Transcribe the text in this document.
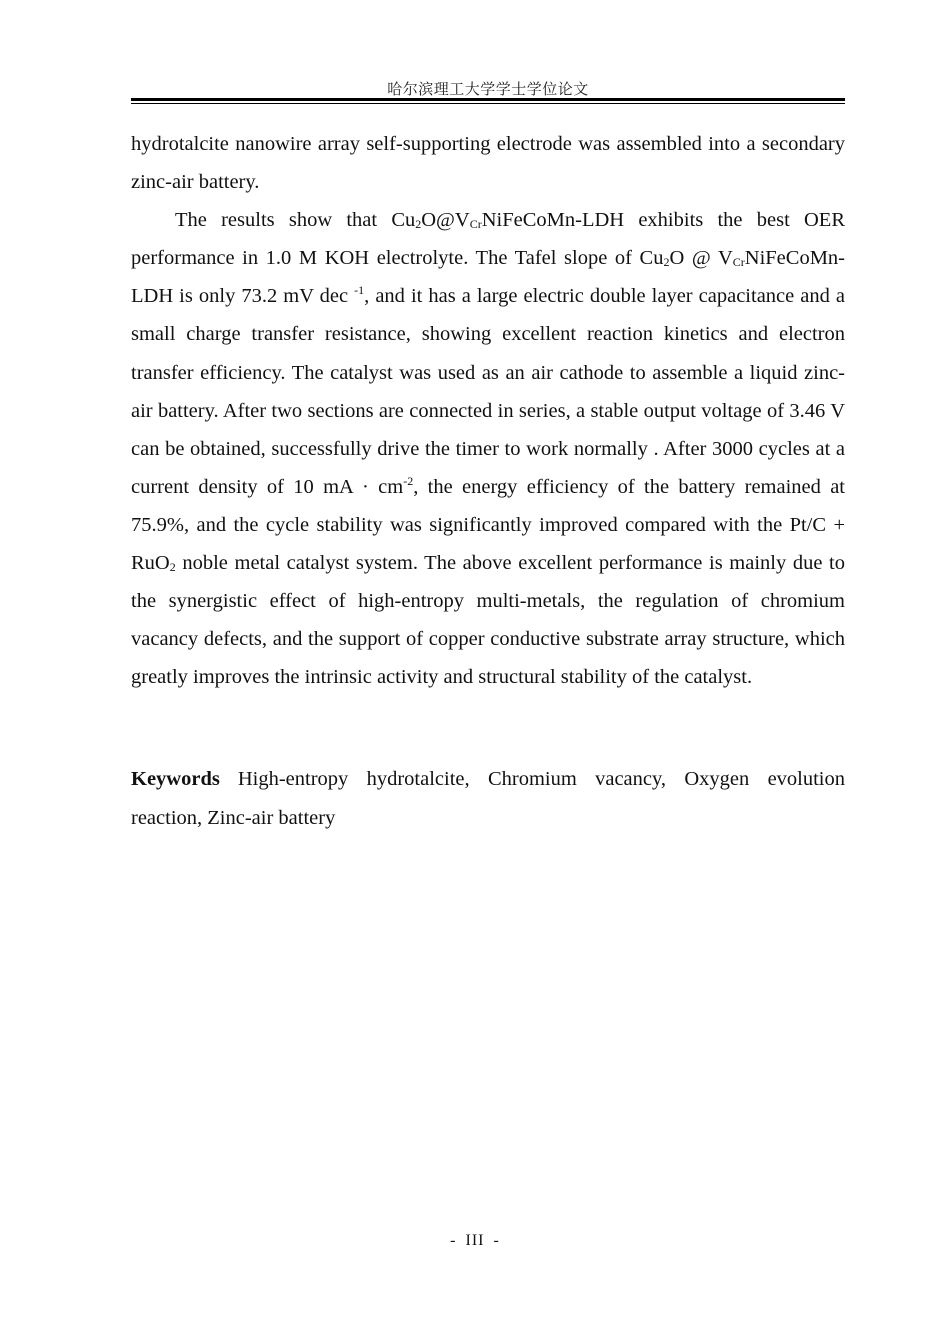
哈尔滨理工大学学士学位论文

hydrotalcite nanowire array self-supporting electrode was assembled into a secondary zinc-air battery.

The results show that Cu2O@VCrNiFeCoMn-LDH exhibits the best OER performance in 1.0 M KOH electrolyte. The Tafel slope of Cu2O @ VCrNiFeCoMn-LDH is only 73.2 mV dec $^{-1}$, and it has a large electric double layer capacitance and a small charge transfer resistance, showing excellent reaction kinetics and electron transfer efficiency. The catalyst was used as an air cathode to assemble a liquid zinc-air battery. After two sections are connected in series, a stable output voltage of 3.46 V can be obtained, successfully drive the timer to work normally . After 3000 cycles at a current density of 10 mA · $cm^{-2}$, the energy efficiency of the battery remained at 75.9%, and the cycle stability was significantly improved compared with the Pt/C + RuO2 noble metal catalyst system. The above excellent performance is mainly due to the synergistic effect of high-entropy multi-metals, the regulation of chromium vacancy defects, and the support of copper conductive substrate array structure, which greatly improves the intrinsic activity and structural stability of the catalyst.

Keywords High-entropy hydrotalcite, Chromium vacancy, Oxygen evolution reaction, Zinc-air battery

- III -
